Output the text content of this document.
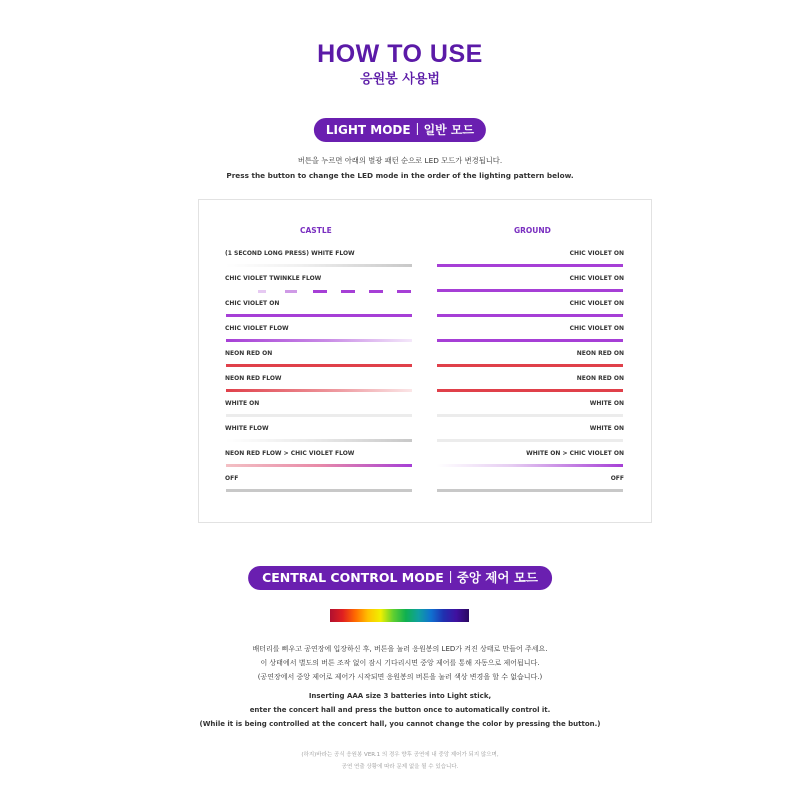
HOW TO USE
응원봉 사용법
LIGHT MODE 일반 모드
버튼을 누르면 아래의 별광 패턴 순으로 LED 모드가 변경됩니다.
Press the button to change the LED mode in the order of the lighting pattern below.
CASTLE	GROUND
(1 SECOND LONG PRESS) WHITE FLOW
CHIC VIOLET TWINKLE FLOW
CHIC VIOLET ON
CHIC VIOLET FLOW
NEON RED ON
NEON RED FLOW
WHITE ON
WHITE FLOW
NEON RED FLOW > CHIC VIOLET FLOW
OFF
CHIC VIOLET ON
CHIC VIOLET ON
CHIC VIOLET ON
CHIC VIOLET ON
NEON RED ON
NEON RED ON
WHITE ON
WHITE ON
WHITE ON > CHIC VIOLET ON
OFF
CENTRAL CONTROL MODE 중앙 제어 모드
배터리를 삐우고 공연장에 입장하신 후, 버튼을 눌러 응원봉의 LED가 켜진 상태로 만들어 주세요.
이 상태에서 별도의 버튼 조작 없이 잠시 기다리시면 중앙 제어를 통해 자동으로 제어됩니다.
(공연장에서 중앙 제어로 제어가 시작되면 응원봉의 버튼을 눌러 색상 변경을 할 수 없습니다.)
Inserting AAA size 3 batteries into Light stick,
enter the concert hall and press the button once to automatically control it.
(While it is being controlled at the concert hall, you cannot change the color by pressing the button.)
(하지)바라는 공식 응원봉 VER.1 의 경우 향후 공연에 내 중앙 제어가 되지 않으며,
공연 연출 상황에 따라 문제 없을 될 수 있습니다.
